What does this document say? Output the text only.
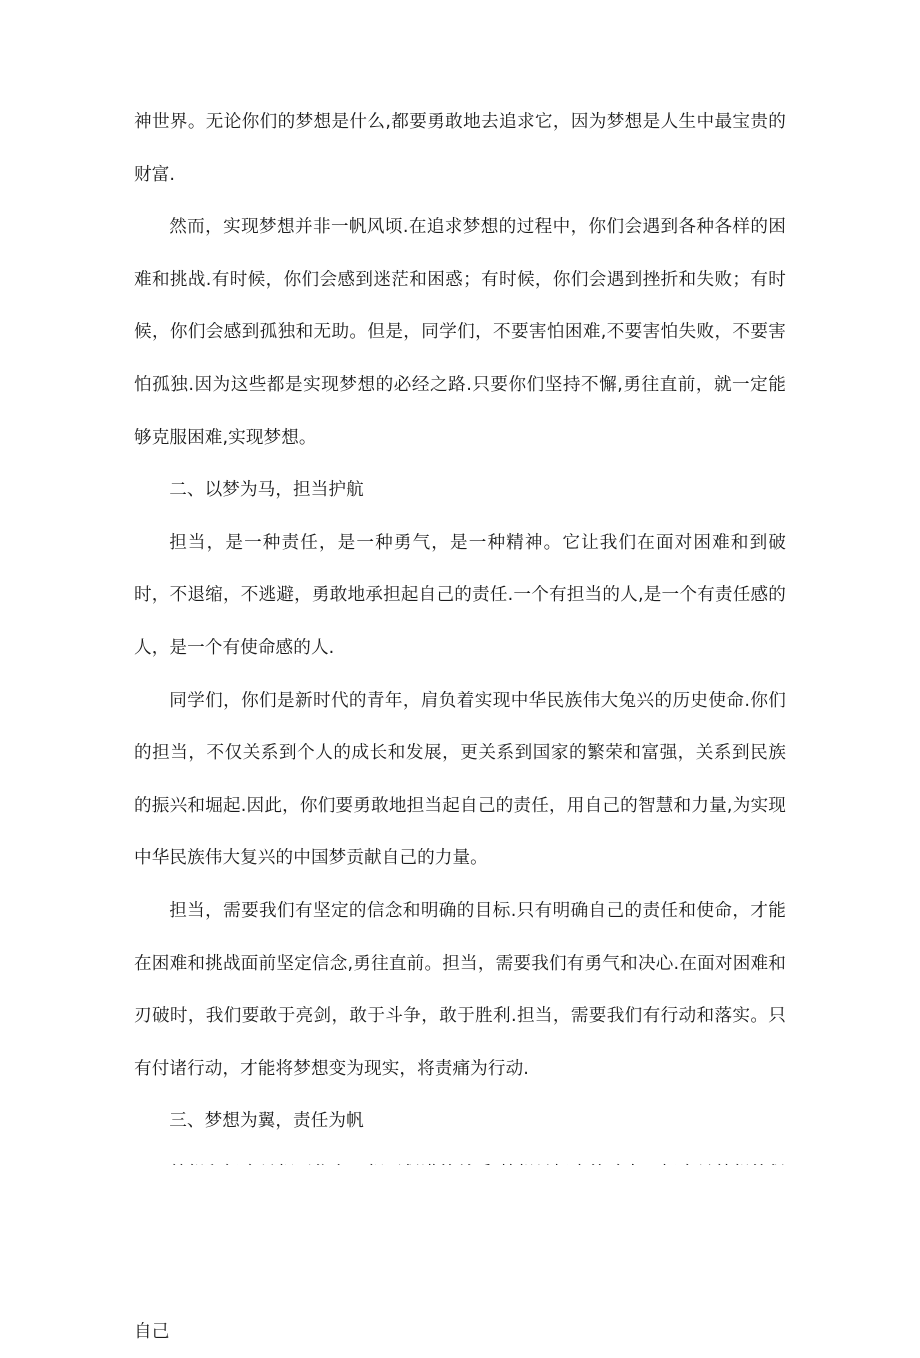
神世界。无论你们的梦想是什么,都要勇敢地去追求它，因为梦想是人生中最宝贵的财富.

然而，实现梦想并非一帆风顷.在追求梦想的过程中，你们会遇到各种各样的困难和挑战.有时候，你们会感到迷茫和困惑；有时候，你们会遇到挫折和失败；有时候，你们会感到孤独和无助。但是，同学们，不要害怕困难,不要害怕失败，不要害怕孤独.因为这些都是实现梦想的必经之路.只要你们坚持不懈,勇往直前，就一定能够克服困难,实现梦想。

二、以梦为马，担当护航

担当，是一种责任，是一种勇气，是一种精神。它让我们在面对困难和到破时，不退缩，不逃避，勇敢地承担起自己的责任.一个有担当的人,是一个有责任感的人，是一个有使命感的人.

同学们，你们是新时代的青年，肩负着实现中华民族伟大兔兴的历史使命.你们的担当，不仅关系到个人的成长和发展，更关系到国家的繁荣和富强，关系到民族的振兴和堀起.因此，你们要勇敢地担当起自己的责任，用自己的智慧和力量,为实现中华民族伟大复兴的中国梦贡献自己的力量。

担当，需要我们有坚定的信念和明确的目标.只有明确自己的责任和使命，才能在困难和挑战面前坚定信念,勇往直前。担当，需要我们有勇气和决心.在面对困难和刃破时，我们要敢于亮剑，敢于斗争，敢于胜利.担当，需要我们有行动和落实。只有付诸行动，才能将梦想变为现实，将责痛为行动.

三、梦想为翼，责任为帆

自己
